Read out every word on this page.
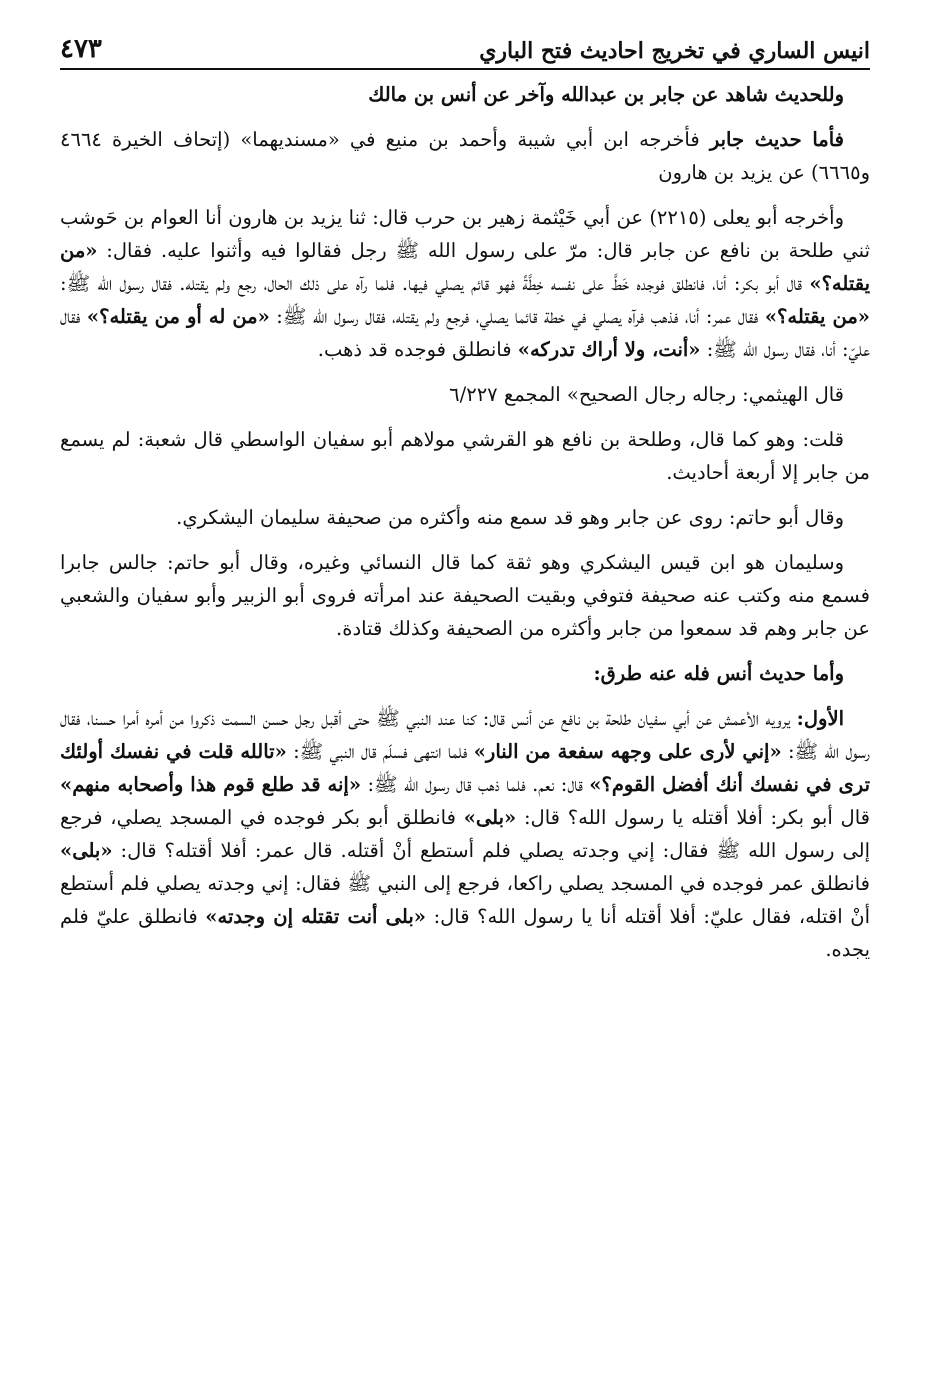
انيس الساري في تخريج احاديث فتح الباري
٤٧٣

وللحديث شاهد عن جابر بن عبدالله وآخر عن أنس بن مالك

فأما حديث جابر فأخرجه ابن أبي شيبة وأحمد بن منيع في «مسنديهما» (إتحاف الخيرة ٤٦٦٤ و٦٦٦٥) عن يزيد بن هارون

وأخرجه أبو يعلى (٢٢١٥) عن أبي خَيْثمة زهير بن حرب قال: ثنا يزيد بن هارون أنا العوام بن حَوشب ثني طلحة بن نافع عن جابر قال: مرّ على رسول الله ﷺ رجل فقالوا فيه وأثنوا عليه. فقال: «من يقتله؟» قال أبو بكر: أنا، فانطلق فوجده خَطَّ على نفسه خِطَّةً فهو قائم يصلي فيها. فلما رآه على ذلك الحال، رجع ولم يقتله. فقال رسول الله ﷺ: «من يقتله؟» فقال عمر: أنا، فذهب فرآه يصلي في خطة قائما يصلي، فرجع ولم يقتله، فقال رسول الله ﷺ: «من له أو من يقتله؟» فقال عليّ: أنا، فقال رسول الله ﷺ: «أنت، ولا أراك تدركه» فانطلق فوجده قد ذهب.

قال الهيثمي: رجاله رجال الصحيح» المجمع ٦/٢٢٧

قلت: وهو كما قال، وطلحة بن نافع هو القرشي مولاهم أبو سفيان الواسطي قال شعبة: لم يسمع من جابر إلا أربعة أحاديث.

وقال أبو حاتم: روى عن جابر وهو قد سمع منه وأكثره من صحيفة سليمان اليشكري.

وسليمان هو ابن قيس اليشكري وهو ثقة كما قال النسائي وغيره، وقال أبو حاتم: جالس جابرا فسمع منه وكتب عنه صحيفة فتوفي وبقيت الصحيفة عند امرأته فروى أبو الزبير وأبو سفيان والشعبي عن جابر وهم قد سمعوا من جابر وأكثره من الصحيفة وكذلك قتادة.

وأما حديث أنس فله عنه طرق:

الأول: يرويه الأعمش عن أبي سفيان طلحة بن نافع عن أنس قال: كنا عند النبي ﷺ حتى أقبل رجل حسن السمت ذكروا من أمره أمرا حسنا، فقال رسول الله ﷺ: «إني لأرى على وجهه سفعة من النار» فلما انتهى فسلّم قال النبي ﷺ: «تالله قلت في نفسك أولئك ترى في نفسك أنك أفضل القوم؟» قال: نعم. فلما ذهب قال رسول الله ﷺ: «إنه قد طلع قوم هذا وأصحابه منهم» قال أبو بكر: أفلا أقتله يا رسول الله؟ قال: «بلى» فانطلق أبو بكر فوجده في المسجد يصلي، فرجع إلى رسول الله ﷺ فقال: إني وجدته يصلي فلم أستطع أنْ أقتله. قال عمر: أفلا أقتله؟ قال: «بلى» فانطلق عمر فوجده في المسجد يصلي راكعا، فرجع إلى النبي ﷺ فقال: إني وجدته يصلي فلم أستطع أنْ اقتله، فقال عليّ: أفلا أقتله أنا يا رسول الله؟ قال: «بلى أنت تقتله إن وجدته» فانطلق عليّ فلم يجده.
